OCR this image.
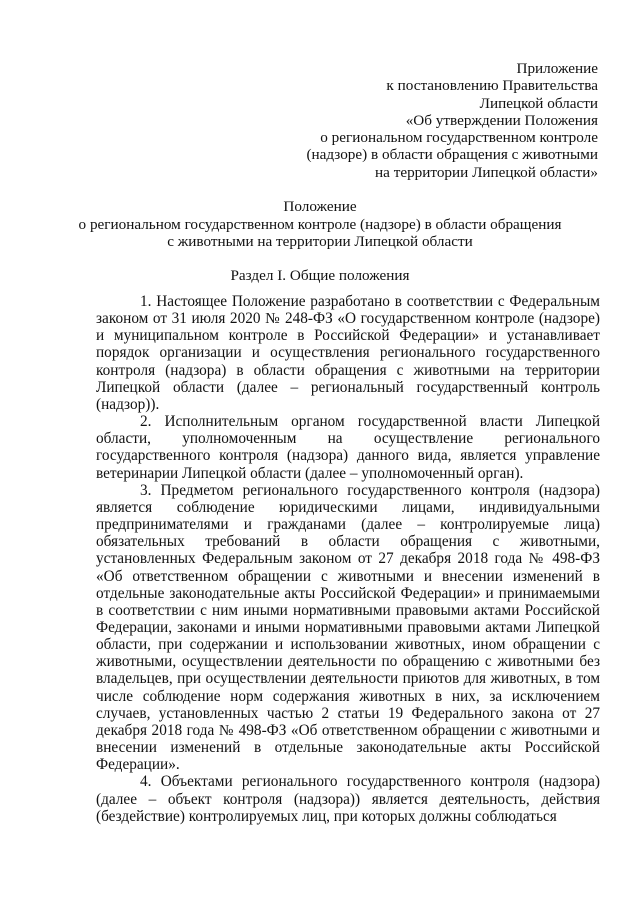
Приложение
к постановлению Правительства
Липецкой области
«Об утверждении Положения
о региональном государственном контроле
(надзоре) в области обращения с животными
на территории Липецкой области»
Положение
о региональном государственном контроле (надзоре) в области обращения
с животными на территории Липецкой области
Раздел I. Общие положения

1. Настоящее Положение разработано в соответствии с Федеральным законом от 31 июля 2020 № 248-ФЗ «О государственном контроле (надзоре) и муниципальном контроле в Российской Федерации» и устанавливает порядок организации и осуществления регионального государственного контроля (надзора) в области обращения с животными на территории Липецкой области (далее – региональный государственный контроль (надзор)).

2. Исполнительным органом государственной власти Липецкой области, уполномоченным на осуществление регионального государственного контроля (надзора) данного вида, является управление ветеринарии Липецкой области (далее – уполномоченный орган).

3. Предметом регионального государственного контроля (надзора) является соблюдение юридическими лицами, индивидуальными предпринимателями и гражданами (далее – контролируемые лица) обязательных требований в области обращения с животными, установленных Федеральным законом от 27 декабря 2018 года № 498-ФЗ «Об ответственном обращении с животными и внесении изменений в отдельные законодательные акты Российской Федерации» и принимаемыми в соответствии с ним иными нормативными правовыми актами Российской Федерации, законами и иными нормативными правовыми актами Липецкой области, при содержании и использовании животных, ином обращении с животными, осуществлении деятельности по обращению с животными без владельцев, при осуществлении деятельности приютов для животных, в том числе соблюдение норм содержания животных в них, за исключением случаев, установленных частью 2 статьи 19 Федерального закона от 27 декабря 2018 года № 498-ФЗ «Об ответственном обращении с животными и внесении изменений в отдельные законодательные акты Российской Федерации».

4. Объектами регионального государственного контроля (надзора) (далее – объект контроля (надзора)) является деятельность, действия (бездействие) контролируемых лиц, при которых должны соблюдаться
